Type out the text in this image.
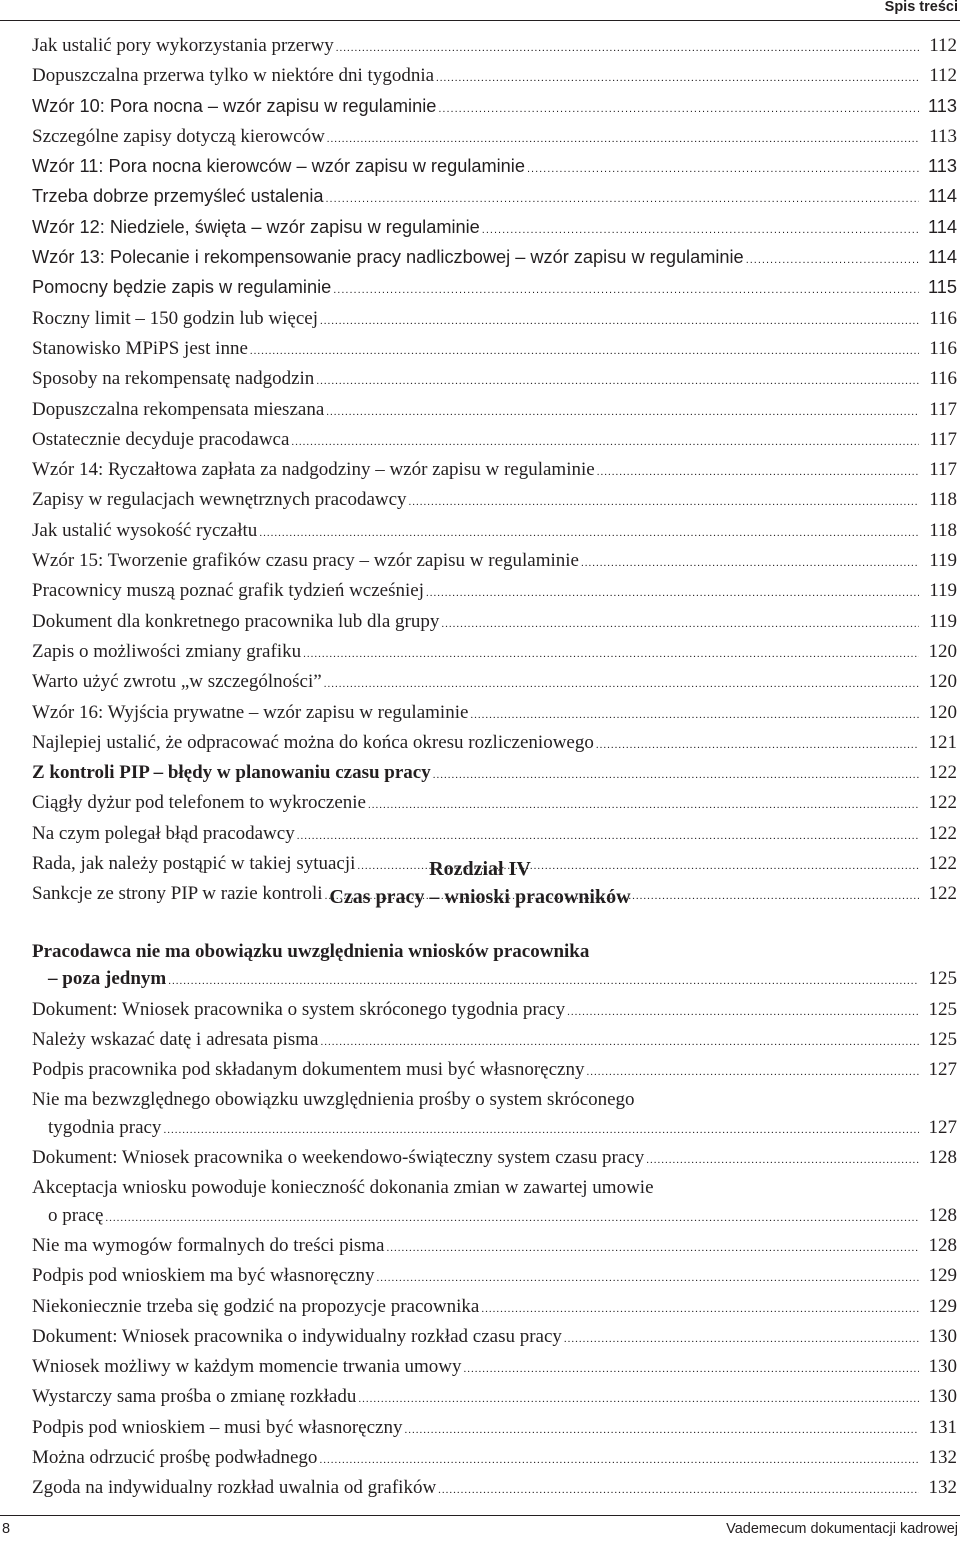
Spis treści
Jak ustalić pory wykorzystania przerwy .....	112
Dopuszczalna przerwa tylko w niektóre dni tygodnia .....	112
Wzór 10: Pora nocna – wzór zapisu w regulaminie .....	113
Szczególne zapisy dotyczą kierowców .....	113
Wzór 11: Pora nocna kierowców – wzór zapisu w regulaminie .....	113
Trzeba dobrze przemyśleć ustalenia .....	114
Wzór 12: Niedziele, święta – wzór zapisu w regulaminie .....	114
Wzór 13: Polecanie i rekompensowanie pracy nadliczbowej – wzór zapisu w regulaminie .....	114
Pomocny będzie zapis w regulaminie .....	115
Roczny limit – 150 godzin lub więcej .....	116
Stanowisko MPiPS jest inne .....	116
Sposoby na rekompensatę nadgodzin .....	116
Dopuszczalna rekompensata mieszana .....	117
Ostatecznie decyduje pracodawca .....	117
Wzór 14: Ryczałtowa zapłata za nadgodziny – wzór zapisu w regulaminie .....	117
Zapisy w regulacjach wewnętrznych pracodawcy .....	118
Jak ustalić wysokość ryczałtu .....	118
Wzór 15: Tworzenie grafików czasu pracy – wzór zapisu w regulaminie .....	119
Pracownicy muszą poznać grafik tydzień wcześniej .....	119
Dokument dla konkretnego pracownika lub dla grupy .....	119
Zapis o możliwości zmiany grafiku .....	120
Warto użyć zwrotu „w szczególności” .....	120
Wzór 16: Wyjścia prywatne – wzór zapisu w regulaminie .....	120
Najlepiej ustalić, że odpracować można do końca okresu rozliczeniowego .....	121
Z kontroli PIP – błędy w planowaniu czasu pracy .....	122
Ciągły dyżur pod telefonem to wykroczenie .....	122
Na czym polegał błąd pracodawcy .....	122
Rada, jak należy postąpić w takiej sytuacji .....	122
Sankcje ze strony PIP w razie kontroli .....	122
Rozdział IV
Czas pracy – wnioski pracowników
Pracodawca nie ma obowiązku uwzględnienia wniosków pracownika
– poza jednym .....	125
Dokument: Wniosek pracownika o system skróconego tygodnia pracy .....	125
Należy wskazać datę i adresata pisma .....	125
Podpis pracownika pod składanym dokumentem musi być własnoręczny .....	127
Nie ma bezwzględnego obowiązku uwzględnienia prośby o system skróconego
tygodnia pracy .....	127
Dokument: Wniosek pracownika o weekendowo-świąteczny system czasu pracy .....	128
Akceptacja wniosku powoduje konieczność dokonania zmian w zawartej umowie
o pracę .....	128
Nie ma wymogów formalnych do treści pisma .....	128
Podpis pod wnioskiem ma być własnoręczny .....	129
Niekoniecznie trzeba się godzić na propozycje pracownika .....	129
Dokument: Wniosek pracownika o indywidualny rozkład czasu pracy .....	130
Wniosek możliwy w każdym momencie trwania umowy .....	130
Wystarczy sama prośba o zmianę rozkładu .....	130
Podpis pod wnioskiem – musi być własnoręczny .....	131
Można odrzucić prośbę podwładnego .....	132
Zgoda na indywidualny rozkład uwalnia od grafików .....	132
8	Vademecum dokumentacji kadrowej
